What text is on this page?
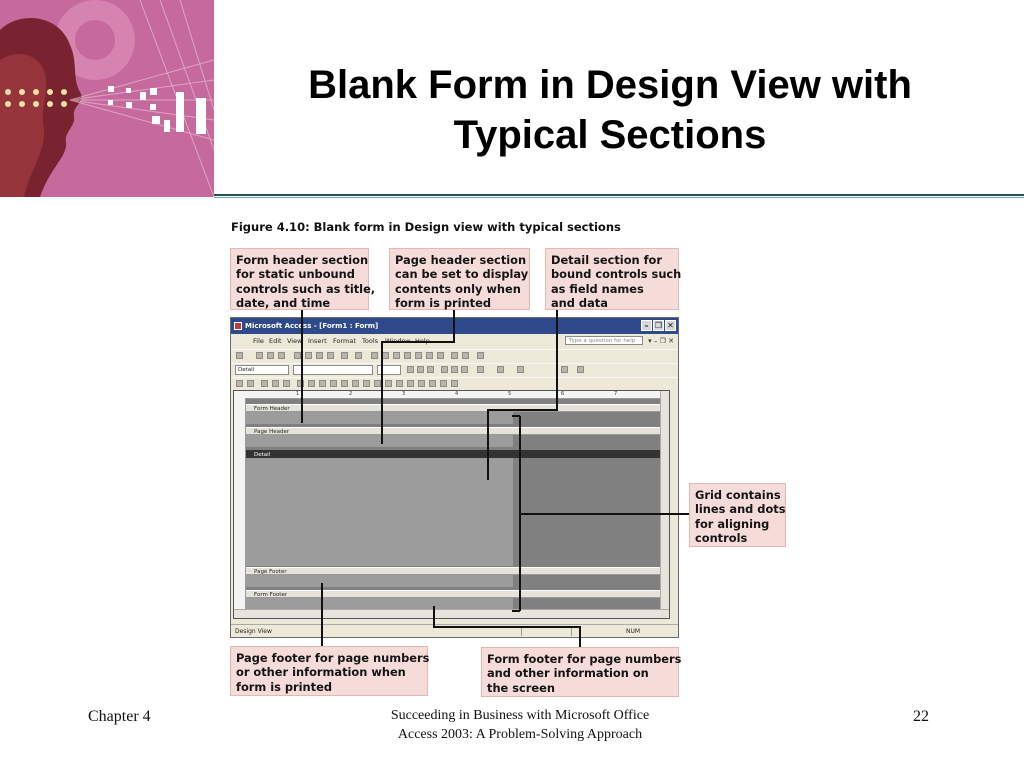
Blank Form in Design View with
Typical Sections
Figure 4.10: Blank form in Design view with typical sections
Form header section
for static unbound
controls such as title,
date, and time
Page header section
can be set to display
contents only when
form is printed
Detail section for
bound controls such
as field names
and data
Grid contains
lines and dots
for aligning
controls
Page footer for page numbers
or other information when
form is printed
Form footer for page numbers
and other information on
the screen
Microsoft Access - [Form1 : Form]	– ❐ ✕
File Edit View Insert Format Tools Window Help	Type a question for help	▾ – ❐ ✕
Detail
1	2	3	4	5	6	7
Form Header
Page Header
Detail
Page Footer
Form Footer
Design View	NUM
Chapter 4	Succeeding in Business with Microsoft Office
Access 2003: A Problem-Solving Approach
22
